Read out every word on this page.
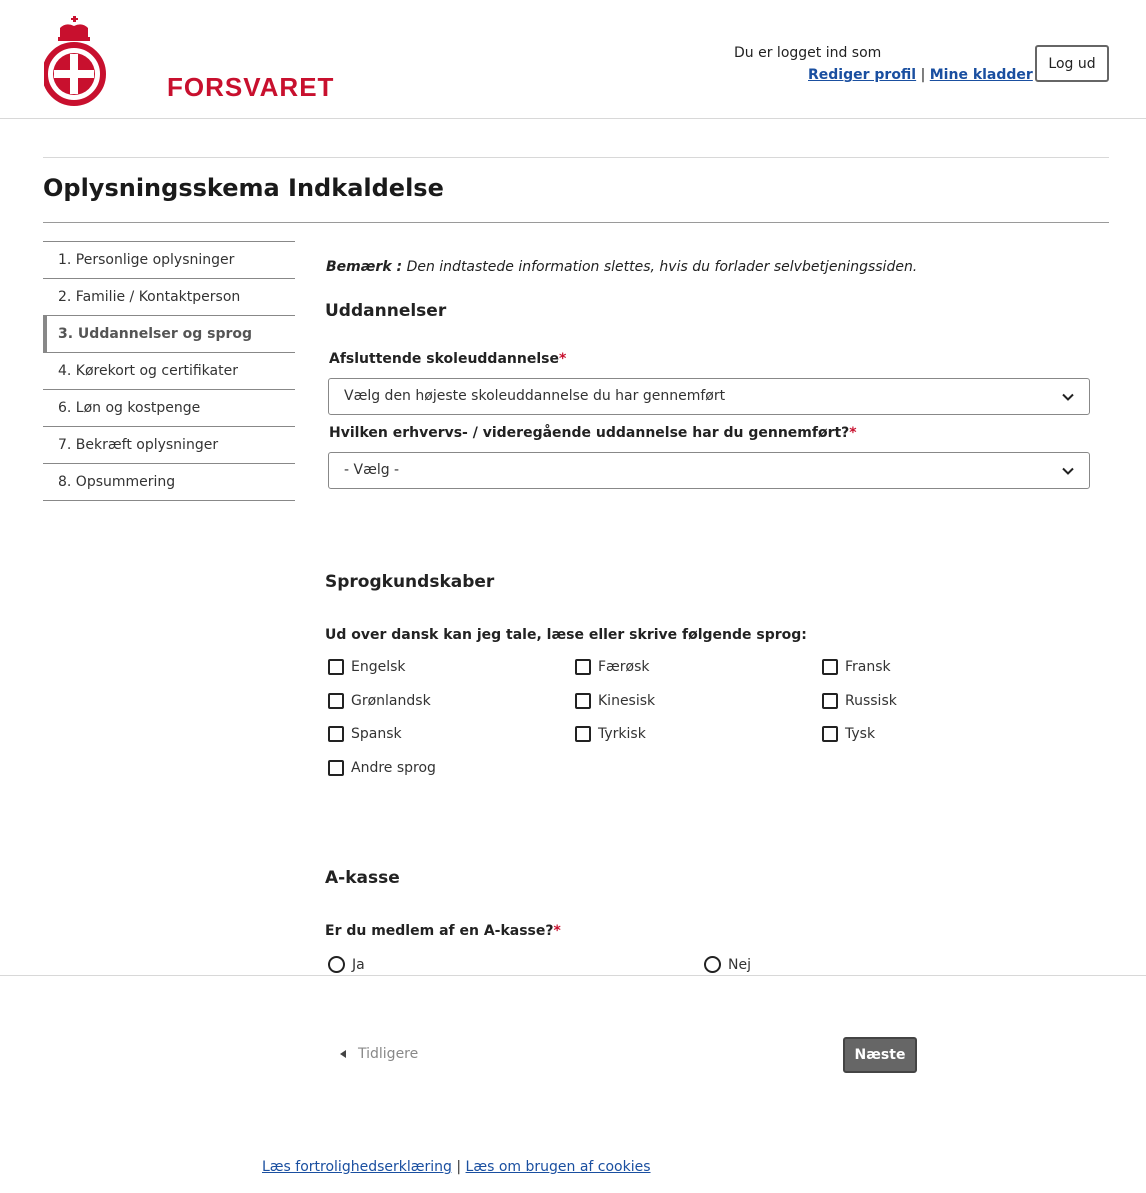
FORSVARET
Du er logget ind som
Rediger profil | Mine kladder
Log ud
Oplysningsskema Indkaldelse
1. Personlige oplysninger
2. Familie / Kontaktperson
3. Uddannelser og sprog
4. Kørekort og certifikater
6. Løn og kostpenge
7. Bekræft oplysninger
8. Opsummering

Bemærk : Den indtastede information slettes, hvis du forlader selvbetjeningssiden.

Uddannelser
Afsluttende skoleuddannelse*
Vælg den højeste skoleuddannelse du har gennemført
Hvilken erhvervs- / videregående uddannelse har du gennemført?*
- Vælg -
Sprogkundskaber
Ud over dansk kan jeg tale, læse eller skrive følgende sprog:
Engelsk	Færøsk	Fransk
Grønlandsk	Kinesisk	Russisk
Spansk	Tyrkisk	Tysk
Andre sprog
A-kasse
Er du medlem af en A-kasse?*
Ja	Nej
Tidligere	Næste
Læs fortrolighedserklæring | Læs om brugen af cookies
